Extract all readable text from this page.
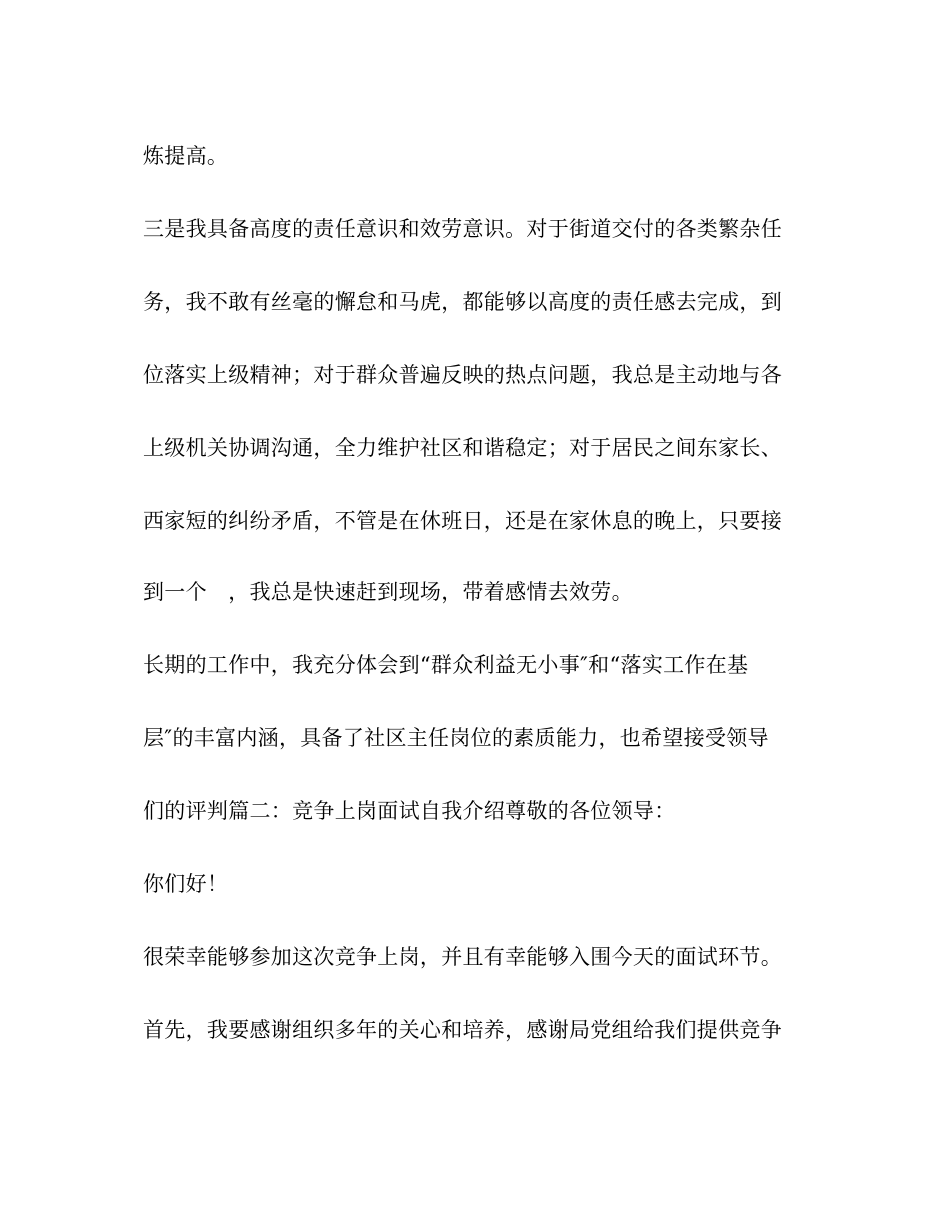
炼提高。
三是我具备高度的责任意识和效劳意识。对于街道交付的各类繁杂任
务，我不敢有丝毫的懈怠和马虎，都能够以高度的责任感去完成，到
位落实上级精神；对于群众普遍反映的热点问题，我总是主动地与各
上级机关协调沟通，全力维护社区和谐稳定；对于居民之间东家长、
西家短的纠纷矛盾，不管是在休班日，还是在家休息的晚上，只要接
到一个　，我总是快速赶到现场，带着感情去效劳。
长期的工作中，我充分体会到“群众利益无小事″和“落实工作在基
层″的丰富内涵，具备了社区主任岗位的素质能力，也希望接受领导
们的评判篇二：竞争上岗面试自我介绍尊敬的各位领导：
你们好！
很荣幸能够参加这次竞争上岗，并且有幸能够入围今天的面试环节。
首先，我要感谢组织多年的关心和培养，感谢局党组给我们提供竞争
